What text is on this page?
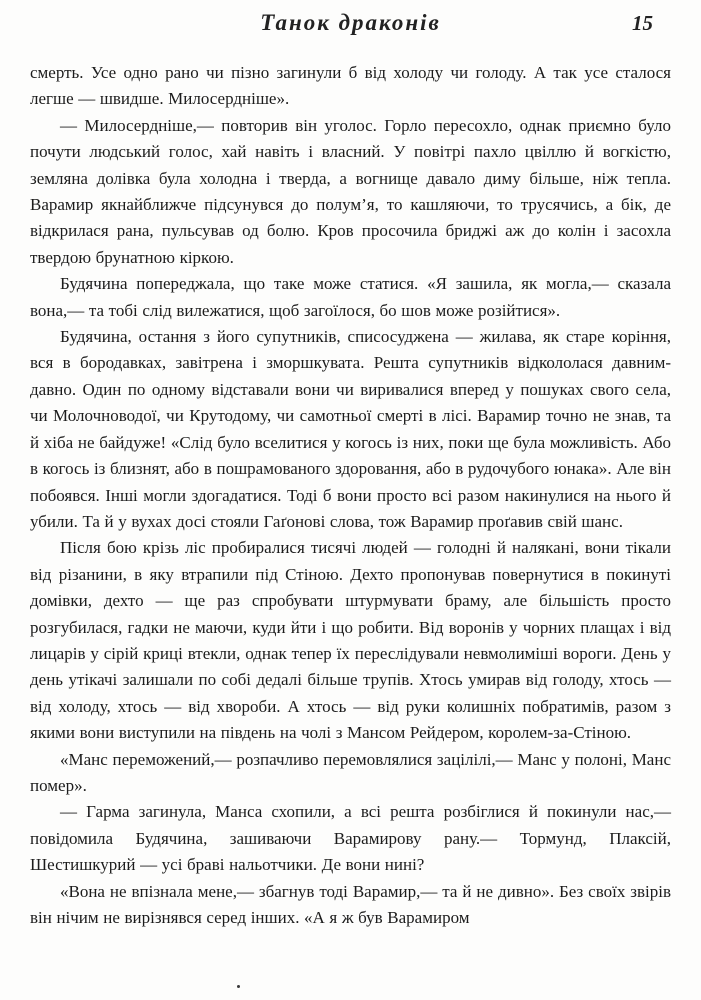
Танок драконів	15

смерть. Усе одно рано чи пізно загинули б від холоду чи голоду. А так усе сталося легше — швидше. Милосердніше».

— Милосердніше,— повторив він уголос. Горло пересохло, однак приємно було почути людський голос, хай навіть і власний. У повітрі пахло цвіллю й вогкістю, земляна долівка була холодна і тверда, а вогнище давало диму більше, ніж тепла. Варамир якнайближче підсунувся до полум’я, то кашляючи, то трусячись, а бік, де відкрилася рана, пульсував од болю. Кров просочила бриджі аж до колін і засохла твердою брунатною кіркою.

Будячина попереджала, що таке може статися. «Я зашила, як могла,— сказала вона,— та тобі слід вилежатися, щоб загоїлося, бо шов може розійтися».

Будячина, остання з його супутників, списосуджена — жилава, як старе коріння, вся в бородавках, завітрена і зморшкувата. Решта супутників відкололася давним-давно. Один по одному відставали вони чи виривалися вперед у пошуках свого села, чи Молочноводої, чи Крутодому, чи самотньої смерті в лісі. Варамир точно не знав, та й хіба не байдуже! «Слід було вселитися у когось із них, поки ще була можливість. Або в когось із близнят, або в пошрамованого здоровання, або в рудочубого юнака». Але він побоявся. Інші могли здогадатися. Тоді б вони просто всі разом накинулися на нього й убили. Та й у вухах досі стояли Гаґонові слова, тож Варамир проґавив свій шанс.

Після бою крізь ліс пробиралися тисячі людей — голодні й налякані, вони тікали від різанини, в яку втрапили під Стіною. Дехто пропонував повернутися в покинуті домівки, дехто — ще раз спробувати штурмувати браму, але більшість просто розгубилася, гадки не маючи, куди йти і що робити. Від воронів у чорних плащах і від лицарів у сірій криці втекли, однак тепер їх переслідували невмолиміші вороги. День у день утікачі залишали по собі дедалі більше трупів. Хтось умирав від голоду, хтось — від холоду, хтось — від хвороби. А хтось — від руки колишніх побратимів, разом з якими вони виступили на південь на чолі з Мансом Рейдером, королем-за-Стіною.

«Манс переможений,— розпачливо перемовлялися зацілілі,— Манс у полоні, Манс помер».

— Гарма загинула, Манса схопили, а всі решта розбіглися й покинули нас,— повідомила Будячина, зашиваючи Варамирову рану.— Тормунд, Плаксій, Шестишкурий — усі браві нальотчики. Де вони нині?

«Вона не впізнала мене,— збагнув тоді Варамир,— та й не дивно». Без своїх звірів він нічим не вирізнявся серед інших. «А я ж був Варамиром
